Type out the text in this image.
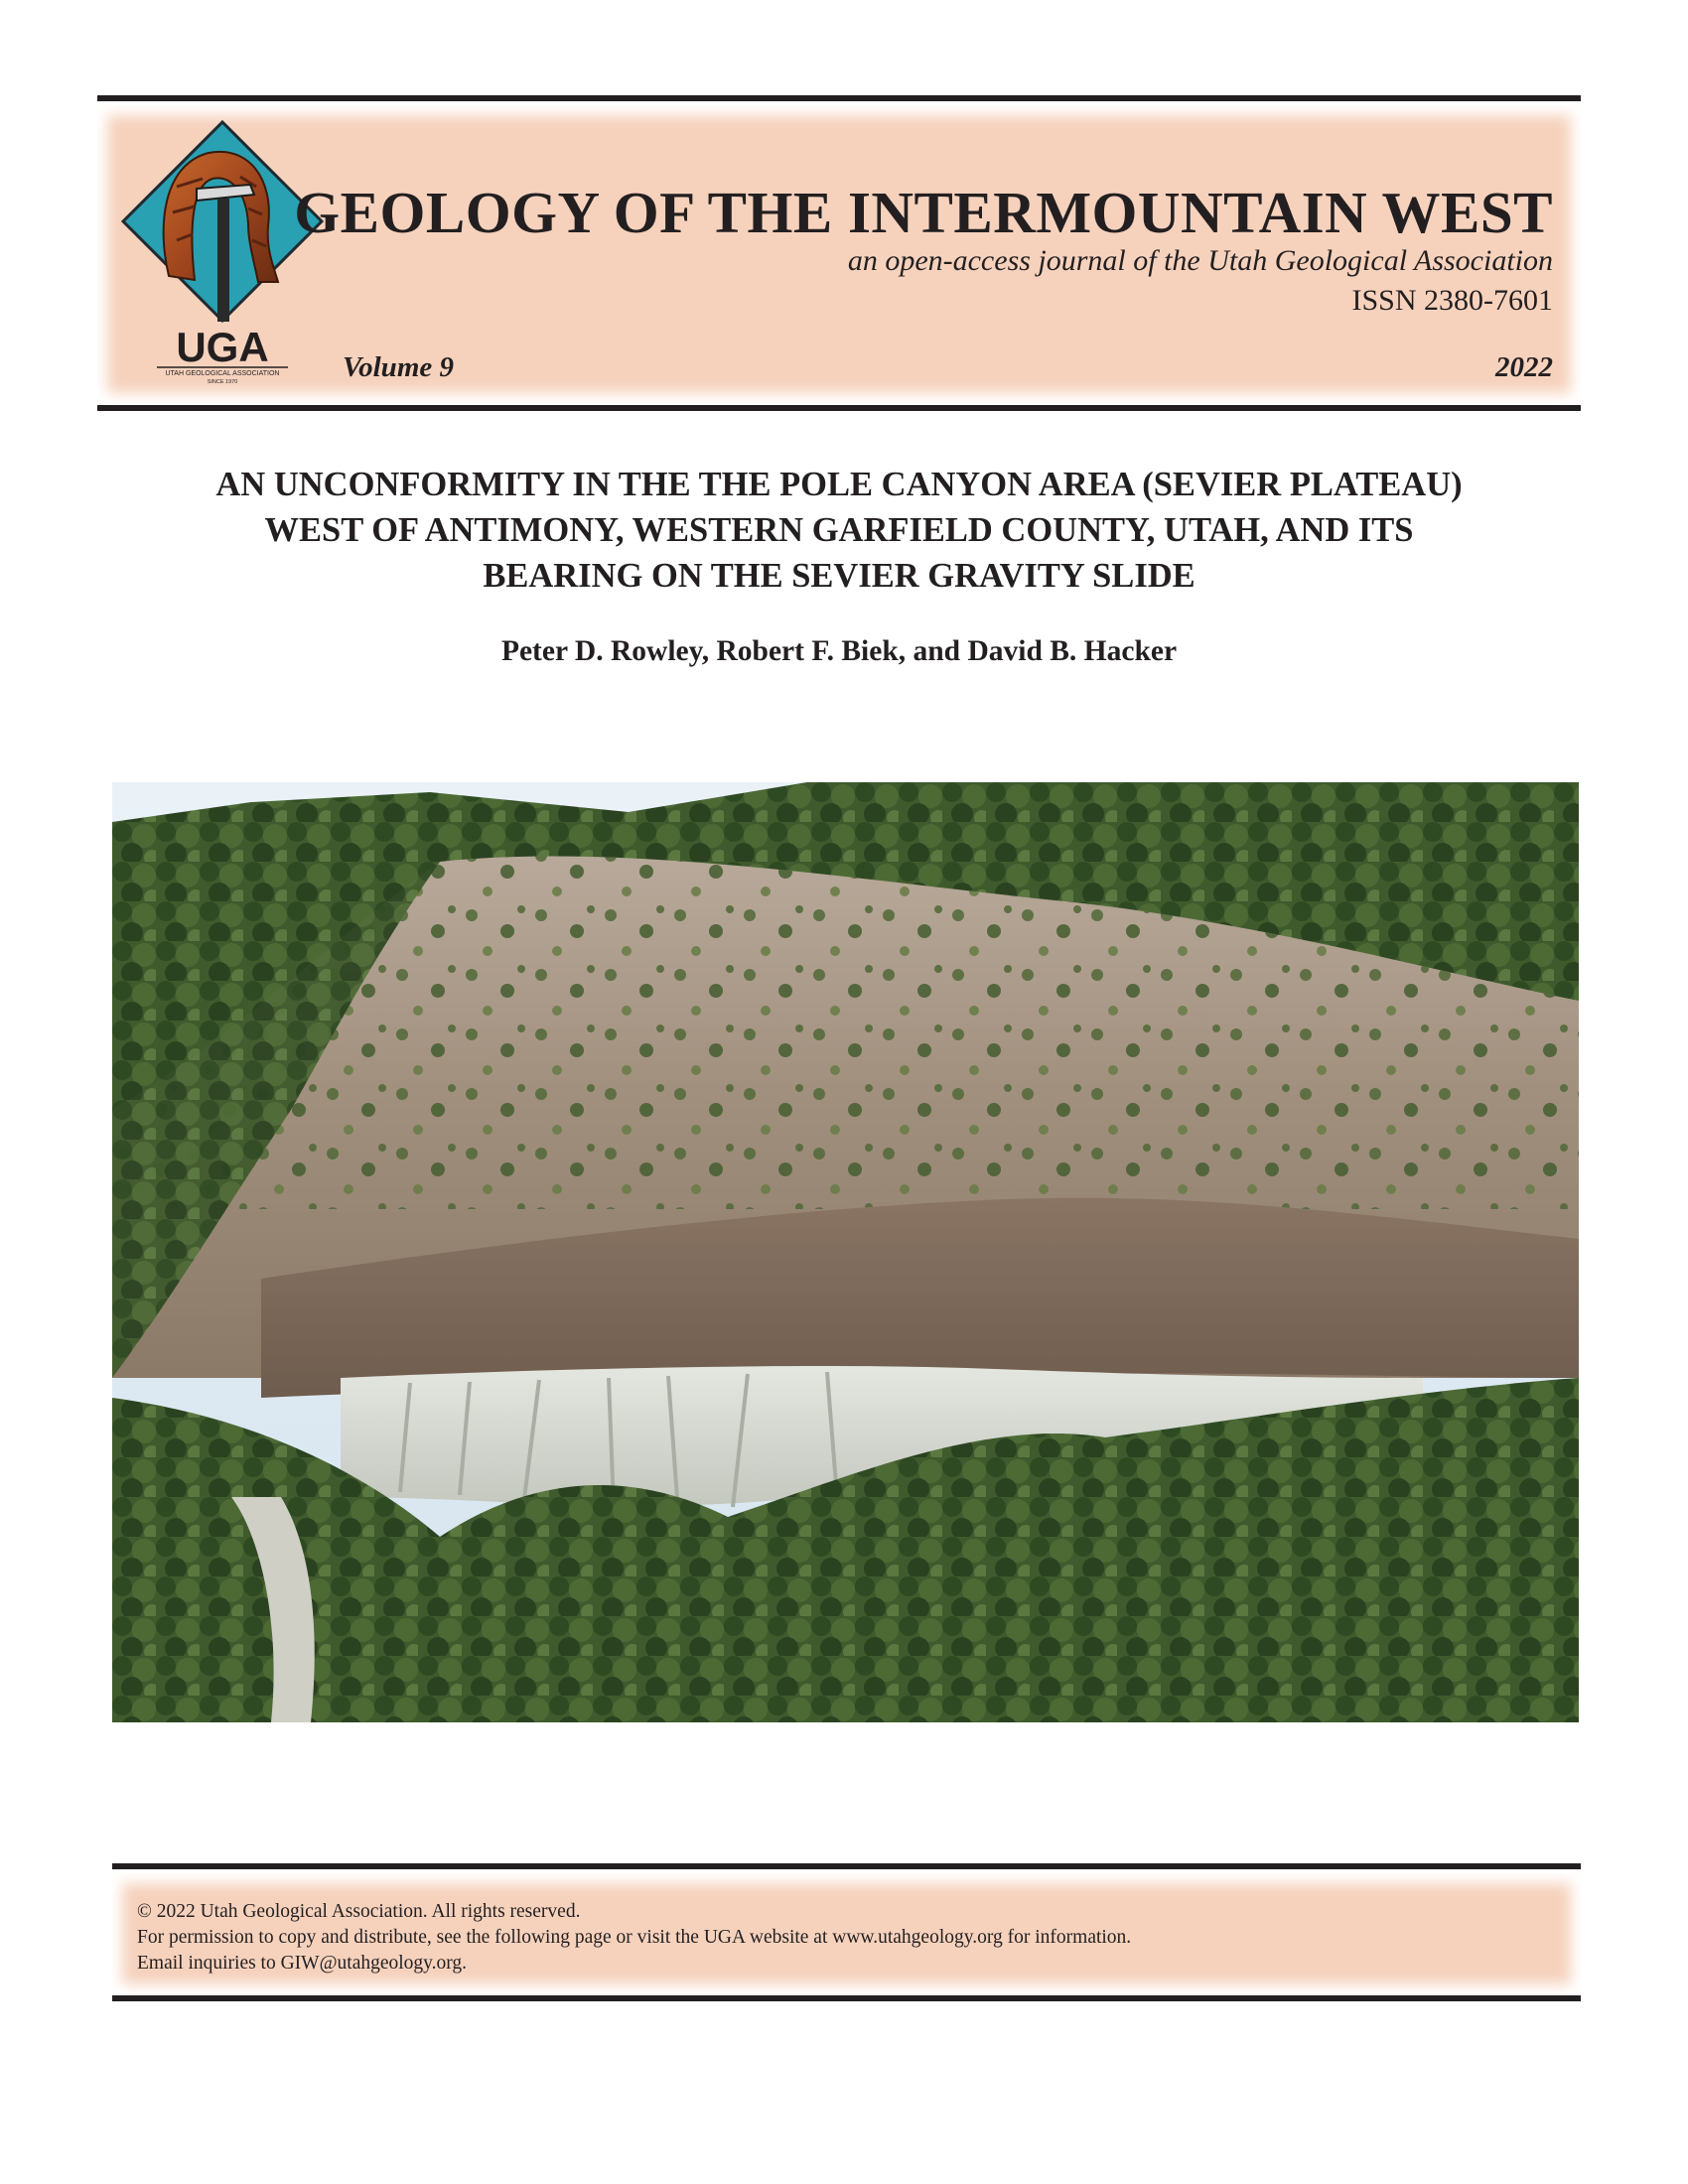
UGA
UTAH GEOLOGICAL ASSOCIATION
SINCE 1970
GEOLOGY OF THE INTERMOUNTAIN WEST
an open-access journal of the Utah Geological Association
ISSN 2380-7601
Volume 9	2022
AN UNCONFORMITY IN THE THE POLE CANYON AREA (SEVIER PLATEAU)
WEST OF ANTIMONY, WESTERN GARFIELD COUNTY, UTAH, AND ITS
BEARING ON THE SEVIER GRAVITY SLIDE
Peter D. Rowley, Robert F. Biek, and David B. Hacker
© 2022 Utah Geological Association. All rights reserved.
For permission to copy and distribute, see the following page or visit the UGA website at www.utahgeology.org for information.
Email inquiries to GIW@utahgeology.org.
